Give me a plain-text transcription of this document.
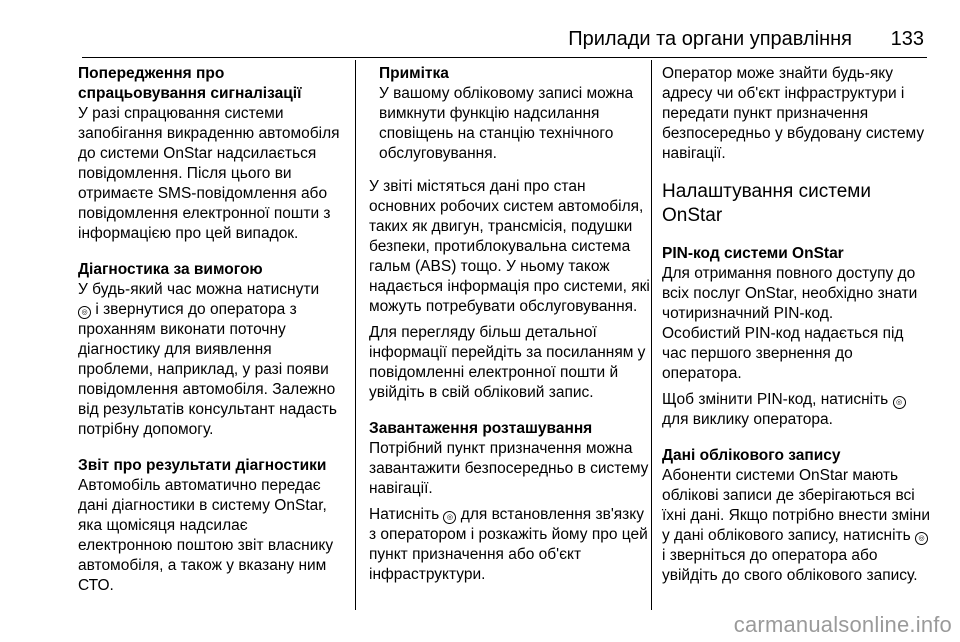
Прилади та органи управління 133
Попередження про спрацьовування сигналізації

У разі спрацювання системи запобігання викраденню автомобіля до системи OnStar надсилається повідомлення. Після цього ви отримаєте SMS-повідомлення або повідомлення електронної пошти з інформацією про цей випадок.

Діагностика за вимогою

У будь-який час можна натиснути
◎ і звернутися до оператора з проханням виконати поточну діагностику для виявлення проблеми, наприклад, у разі появи повідомлення автомобіля. Залежно від результатів консультант надасть потрібну допомогу.

Звіт про результати діагностики

Автомобіль автоматично передає дані діагностики в систему OnStar, яка щомісяця надсилає електронною поштою звіт власнику автомобіля, а також у вказану ним СТО.

Примітка

У вашому обліковому записі можна вимкнути функцію надсилання сповіщень на станцію технічного обслуговування.

У звіті містяться дані про стан основних робочих систем автомобіля, таких як двигун, трансмісія, подушки безпеки, протиблокувальна система гальм (ABS) тощо. У ньому також надається інформація про системи, які можуть потребувати обслуговування.

Для перегляду більш детальної інформації перейдіть за посиланням у повідомленні електронної пошти й увійдіть в свій обліковий запис.

Завантаження розташування

Потрібний пункт призначення можна завантажити безпосередньо в систему навігації.

Натисніть ◎ для встановлення зв'язку з оператором і розкажіть йому про цей пункт призначення або об'єкт інфраструктури.

Оператор може знайти будь-яку адресу чи об'єкт інфраструктури і передати пункт призначення безпосередньо у вбудовану систему навігації.

Налаштування системи OnStar
PIN-код системи OnStar

Для отримання повного доступу до всіх послуг OnStar, необхідно знати чотиризначний PIN-код.

Особистий PIN-код надається під час першого звернення до оператора.

Щоб змінити PIN-код, натисніть ◎
для виклику оператора.

Дані облікового запису

Абоненти системи OnStar мають облікові записи де зберігаються всі їхні дані. Якщо потрібно внести зміни у дані облікового запису, натисніть ◎ і зверніться до оператора або увійдіть до свого облікового запису.

carmanualsonline.info
